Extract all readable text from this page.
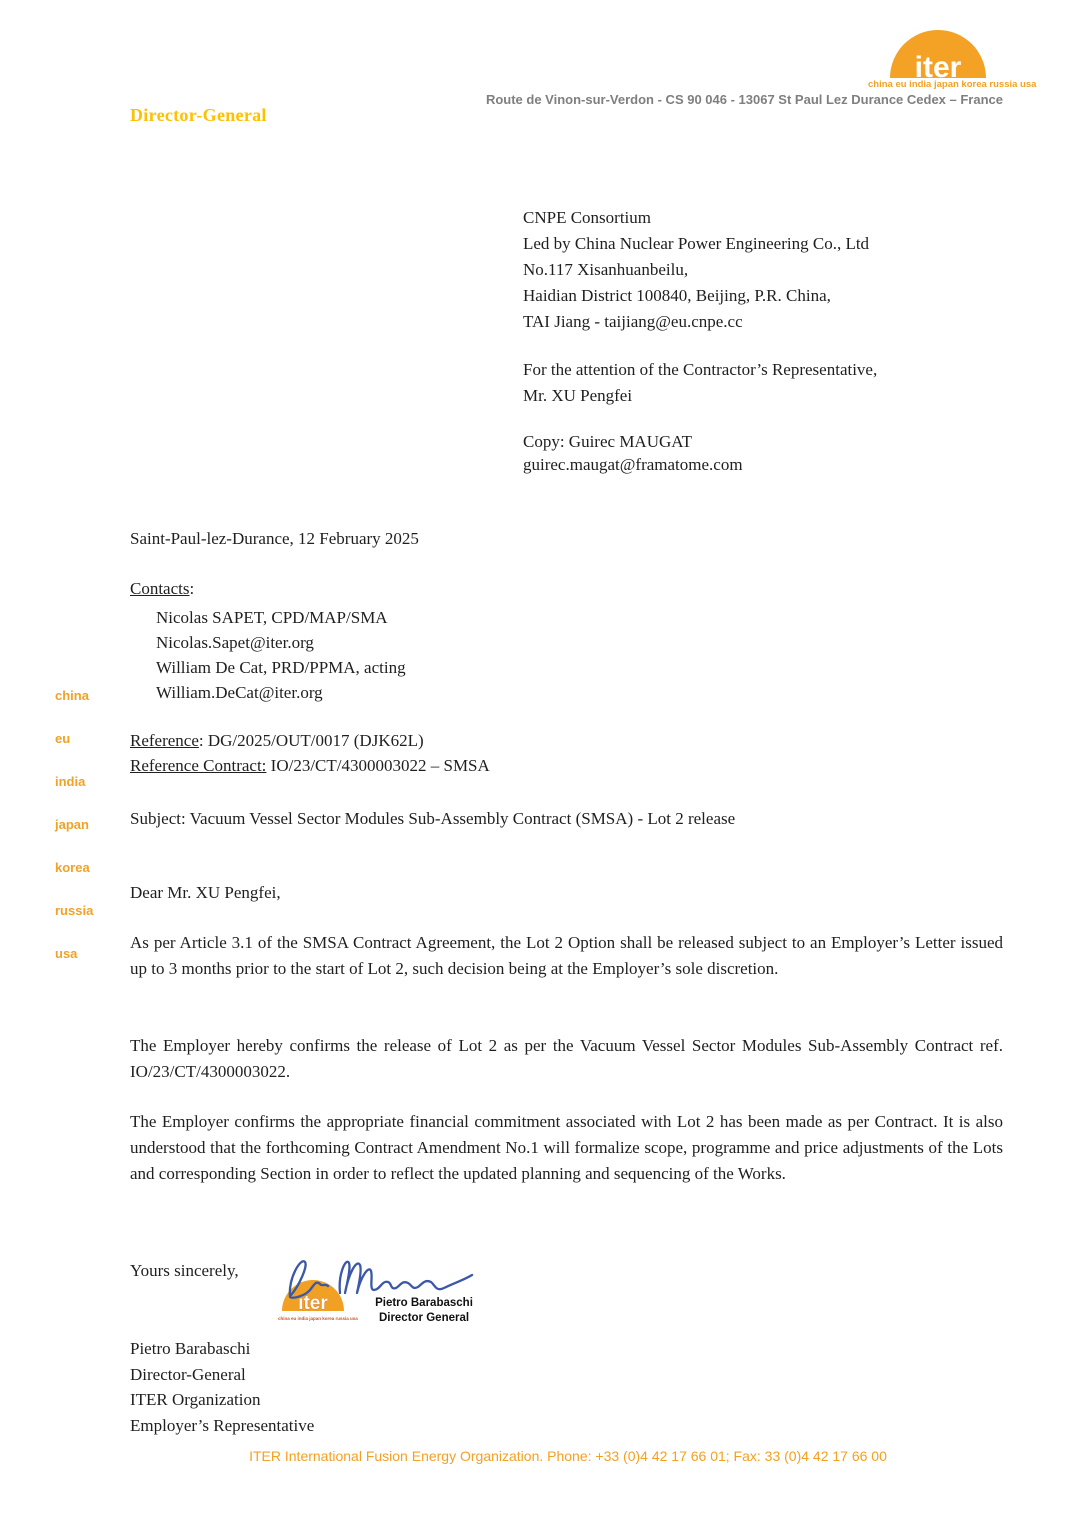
iter
china eu india japan korea russia usa
Route de Vinon-sur-Verdon - CS 90 046 - 13067 St Paul Lez Durance Cedex – France
Director-General
CNPE Consortium
Led by China Nuclear Power Engineering Co., Ltd
No.117 Xisanhuanbeilu,
Haidian District 100840, Beijing, P.R. China,
TAI Jiang - taijiang@eu.cnpe.cc
For the attention of the Contractor’s Representative,
Mr. XU Pengfei
Copy: Guirec MAUGAT
guirec.maugat@framatome.com
china
eu
india
japan
korea
russia
usa
Saint-Paul-lez-Durance, 12 February 2025
Contacts:
Nicolas SAPET, CPD/MAP/SMA
Nicolas.Sapet@iter.org
William De Cat, PRD/PPMA, acting
William.DeCat@iter.org
Reference: DG/2025/OUT/0017 (DJK62L)
Reference Contract: IO/23/CT/4300003022 – SMSA
Subject: Vacuum Vessel Sector Modules Sub-Assembly Contract (SMSA) - Lot 2 release
Dear Mr. XU Pengfei,
As per Article 3.1 of the SMSA Contract Agreement, the Lot 2 Option shall be released subject to an Employer’s Letter issued up to 3 months prior to the start of Lot 2, such decision being at the Employer’s sole discretion.
The Employer hereby confirms the release of Lot 2 as per the Vacuum Vessel Sector Modules Sub-Assembly Contract ref. IO/23/CT/4300003022.
The Employer confirms the appropriate financial commitment associated with Lot 2 has been made as per Contract. It is also understood that the forthcoming Contract Amendment No.1 will formalize scope, programme and price adjustments of the Lots and corresponding Section in order to reflect the updated planning and sequencing of the Works.
Yours sincerely,
iter
china eu india japan korea russia usa
Pietro Barabaschi
Director General
Pietro Barabaschi
Director-General
ITER Organization
Employer’s Representative
ITER International Fusion Energy Organization. Phone: +33 (0)4 42 17 66 01; Fax: 33 (0)4 42 17 66 00
